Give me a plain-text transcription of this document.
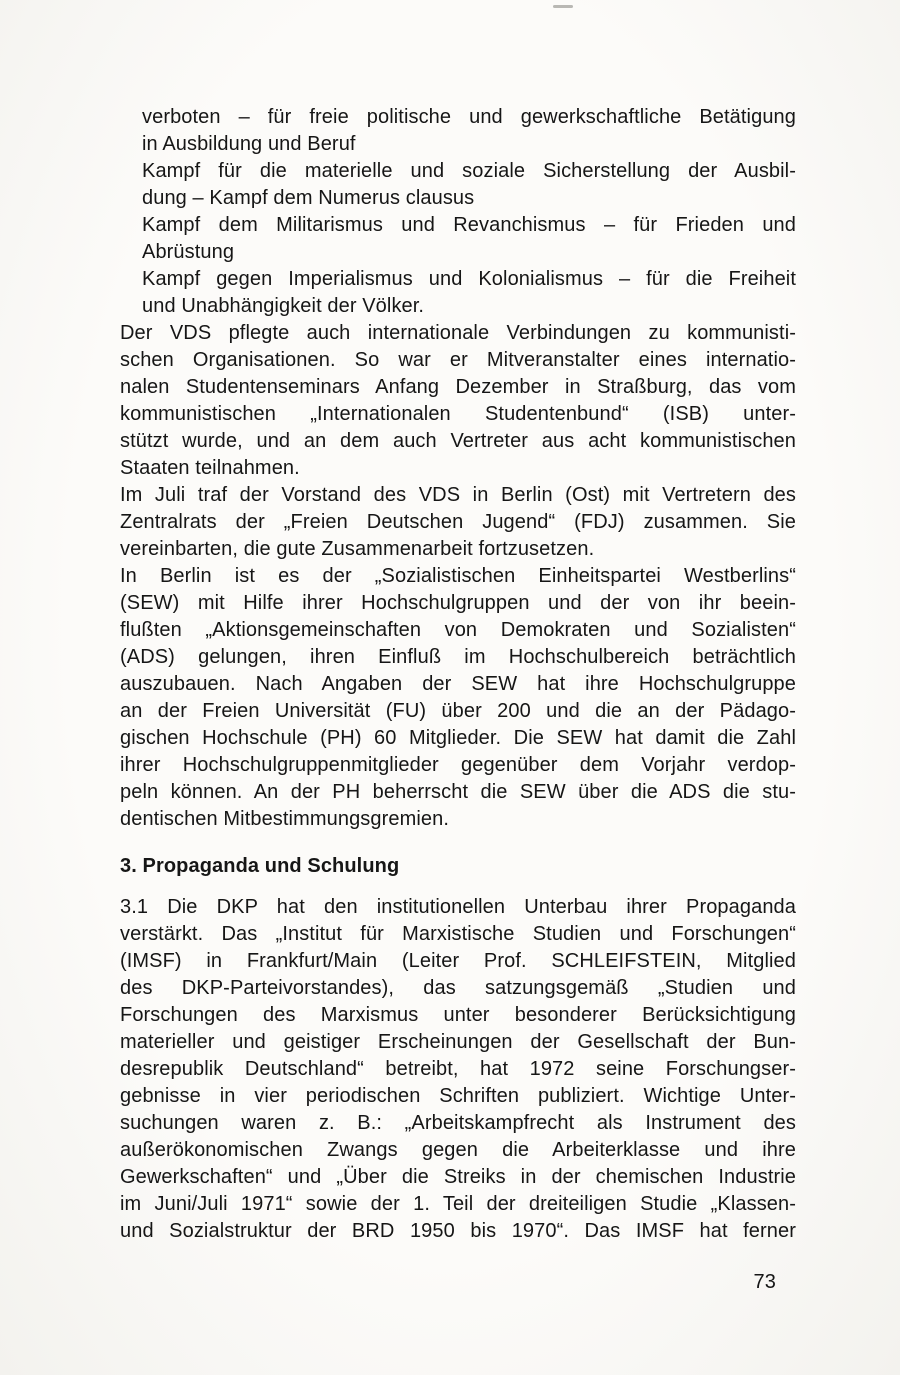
verboten – für freie politische und gewerkschaftliche Betätigung
in Ausbildung und Beruf
Kampf für die materielle und soziale Sicherstellung der Ausbil-
dung – Kampf dem Numerus clausus
Kampf dem Militarismus und Revanchismus – für Frieden und
Abrüstung
Kampf gegen Imperialismus und Kolonialismus – für die Freiheit
und Unabhängigkeit der Völker.
Der VDS pflegte auch internationale Verbindungen zu kommunisti-
schen Organisationen. So war er Mitveranstalter eines internatio-
nalen Studentenseminars Anfang Dezember in Straßburg, das vom
kommunistischen „Internationalen Studentenbund“ (ISB) unter-
stützt wurde, und an dem auch Vertreter aus acht kommunistischen
Staaten teilnahmen.
Im Juli traf der Vorstand des VDS in Berlin (Ost) mit Vertretern des
Zentralrats der „Freien Deutschen Jugend“ (FDJ) zusammen. Sie
vereinbarten, die gute Zusammenarbeit fortzusetzen.
In Berlin ist es der „Sozialistischen Einheitspartei Westberlins“
(SEW) mit Hilfe ihrer Hochschulgruppen und der von ihr beein-
flußten „Aktionsgemeinschaften von Demokraten und Sozialisten“
(ADS) gelungen, ihren Einfluß im Hochschulbereich beträchtlich
auszubauen. Nach Angaben der SEW hat ihre Hochschulgruppe
an der Freien Universität (FU) über 200 und die an der Pädago-
gischen Hochschule (PH) 60 Mitglieder. Die SEW hat damit die Zahl
ihrer Hochschulgruppenmitglieder gegenüber dem Vorjahr verdop-
peln können. An der PH beherrscht die SEW über die ADS die stu-
dentischen Mitbestimmungsgremien.
3. Propaganda und Schulung
3.1 Die DKP hat den institutionellen Unterbau ihrer Propaganda
verstärkt. Das „Institut für Marxistische Studien und Forschungen“
(IMSF) in Frankfurt/Main (Leiter Prof. SCHLEIFSTEIN, Mitglied
des DKP-Parteivorstandes), das satzungsgemäß „Studien und
Forschungen des Marxismus unter besonderer Berücksichtigung
materieller und geistiger Erscheinungen der Gesellschaft der Bun-
desrepublik Deutschland“ betreibt, hat 1972 seine Forschungser-
gebnisse in vier periodischen Schriften publiziert. Wichtige Unter-
suchungen waren z. B.: „Arbeitskampfrecht als Instrument des
außerökonomischen Zwangs gegen die Arbeiterklasse und ihre
Gewerkschaften“ und „Über die Streiks in der chemischen Industrie
im Juni/Juli 1971“ sowie der 1. Teil der dreiteiligen Studie „Klassen-
und Sozialstruktur der BRD 1950 bis 1970“. Das IMSF hat ferner
73
